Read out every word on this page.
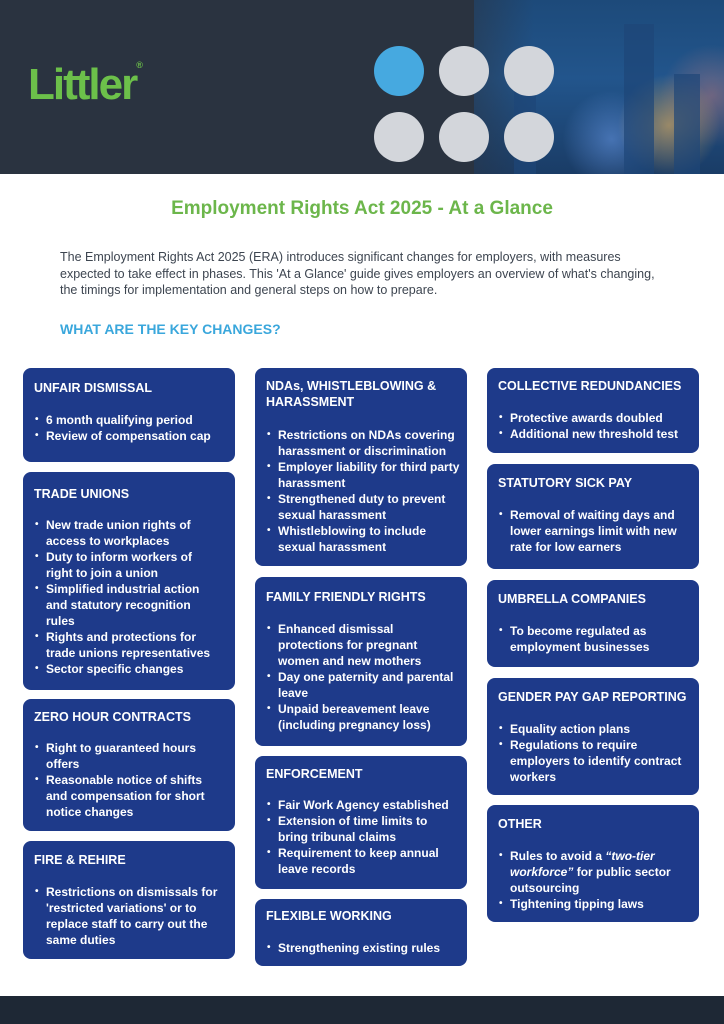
Littler®
Employment Rights Act 2025 - At a Glance

The Employment Rights Act 2025 (ERA) introduces significant changes for employers, with measures expected to take effect in phases. This 'At a Glance' guide gives employers an overview of what's changing, the timings for implementation and general steps on how to prepare.

WHAT ARE THE KEY CHANGES?
UNFAIR DISMISSAL
• 6 month qualifying period
• Review of compensation cap
TRADE UNIONS
• New trade union rights of access to workplaces
• Duty to inform workers of right to join a union
• Simplified industrial action and statutory recognition rules
• Rights and protections for trade unions representatives
• Sector specific changes
ZERO HOUR CONTRACTS
• Right to guaranteed hours offers
• Reasonable notice of shifts and compensation for short notice changes
FIRE & REHIRE
• Restrictions on dismissals for 'restricted variations' or to replace staff to carry out the same duties
NDAs, WHISTLEBLOWING & HARASSMENT
• Restrictions on NDAs covering harassment or discrimination
• Employer liability for third party harassment
• Strengthened duty to prevent sexual harassment
• Whistleblowing to include sexual harassment
FAMILY FRIENDLY RIGHTS
• Enhanced dismissal protections for pregnant women and new mothers
• Day one paternity and parental leave
• Unpaid bereavement leave (including pregnancy loss)
ENFORCEMENT
• Fair Work Agency established
• Extension of time limits to bring tribunal claims
• Requirement to keep annual leave records
FLEXIBLE WORKING
• Strengthening existing rules
COLLECTIVE REDUNDANCIES
• Protective awards doubled
• Additional new threshold test
STATUTORY SICK PAY
• Removal of waiting days and lower earnings limit with new rate for low earners
UMBRELLA COMPANIES
• To become regulated as employment businesses
GENDER PAY GAP REPORTING
• Equality action plans
• Regulations to require employers to identify contract workers
OTHER
• Rules to avoid a “two-tier workforce” for public sector outsourcing
• Tightening tipping laws
